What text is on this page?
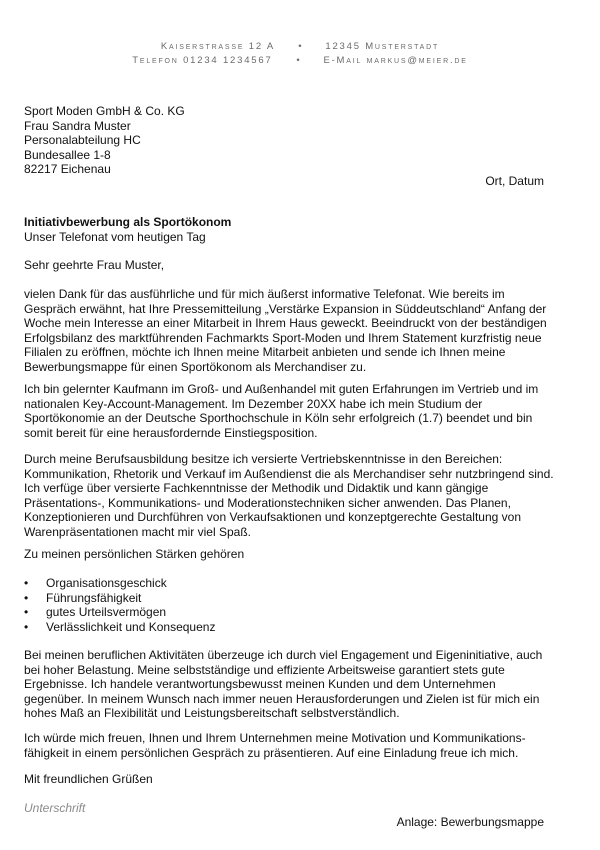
Kaiserstrasse 12 A	•	12345 Musterstadt
Telefon 01234 1234567	•	E-Mail markus@meier.de
Sport Moden GmbH & Co. KG
Frau Sandra Muster
Personalabteilung HC
Bundesallee 1-8
82217 Eichenau
Ort, Datum
Initiativbewerbung als Sportökonom
Unser Telefonat vom heutigen Tag
Sehr geehrte Frau Muster,

vielen Dank für das ausführliche und für mich äußerst informative Telefonat. Wie bereits im Gespräch erwähnt, hat Ihre Pressemitteilung „Verstärke Expansion in Süddeutschland“ Anfang der Woche mein Interesse an einer Mitarbeit in Ihrem Haus geweckt. Beeindruckt von der beständigen Erfolgsbilanz des marktführenden Fachmarkts Sport-Moden und Ihrem Statement kurzfristig neue Filialen zu eröffnen, möchte ich Ihnen meine Mitarbeit anbieten und sende ich Ihnen meine Bewerbungsmappe für einen Sportökonom als Merchandiser zu.

Ich bin gelernter Kaufmann im Groß- und Außenhandel mit guten Erfahrungen im Vertrieb und im nationalen Key-Account-Management. Im Dezember 20XX habe ich mein Studium der Sportökonomie an der Deutsche Sporthochschule in Köln sehr erfolgreich (1.7) beendet und bin somit bereit für eine herausfordernde Einstiegsposition.

Durch meine Berufsausbildung besitze ich versierte Vertriebskenntnisse in den Bereichen: Kommunikation, Rhetorik und Verkauf im Außendienst die als Merchandiser sehr nutzbringend sind. Ich verfüge über versierte Fachkenntnisse der Methodik und Didaktik und kann gängige Präsentations-, Kommunikations- und Moderationstechniken sicher anwenden. Das Planen, Konzeptionieren und Durchführen von Verkaufsaktionen und konzeptgerechte Gestaltung von Warenpräsentationen macht mir viel Spaß.

Zu meinen persönlichen Stärken gehören

• Organisationsgeschick
• Führungsfähigkeit
• gutes Urteilsvermögen
• Verlässlichkeit und Konsequenz

Bei meinen beruflichen Aktivitäten überzeuge ich durch viel Engagement und Eigeninitiative, auch bei hoher Belastung. Meine selbstständige und effiziente Arbeitsweise garantiert stets gute Ergebnisse. Ich handele verantwortungsbewusst meinen Kunden und dem Unternehmen gegenüber. In meinem Wunsch nach immer neuen Herausforderungen und Zielen ist für mich ein hohes Maß an Flexibilität und Leistungsbereitschaft selbstverständlich.

Ich würde mich freuen, Ihnen und Ihrem Unternehmen meine Motivation und Kommunikations-fähigkeit in einem persönlichen Gespräch zu präsentieren. Auf eine Einladung freue ich mich.

Mit freundlichen Grüßen
Unterschrift
Anlage: Bewerbungsmappe
